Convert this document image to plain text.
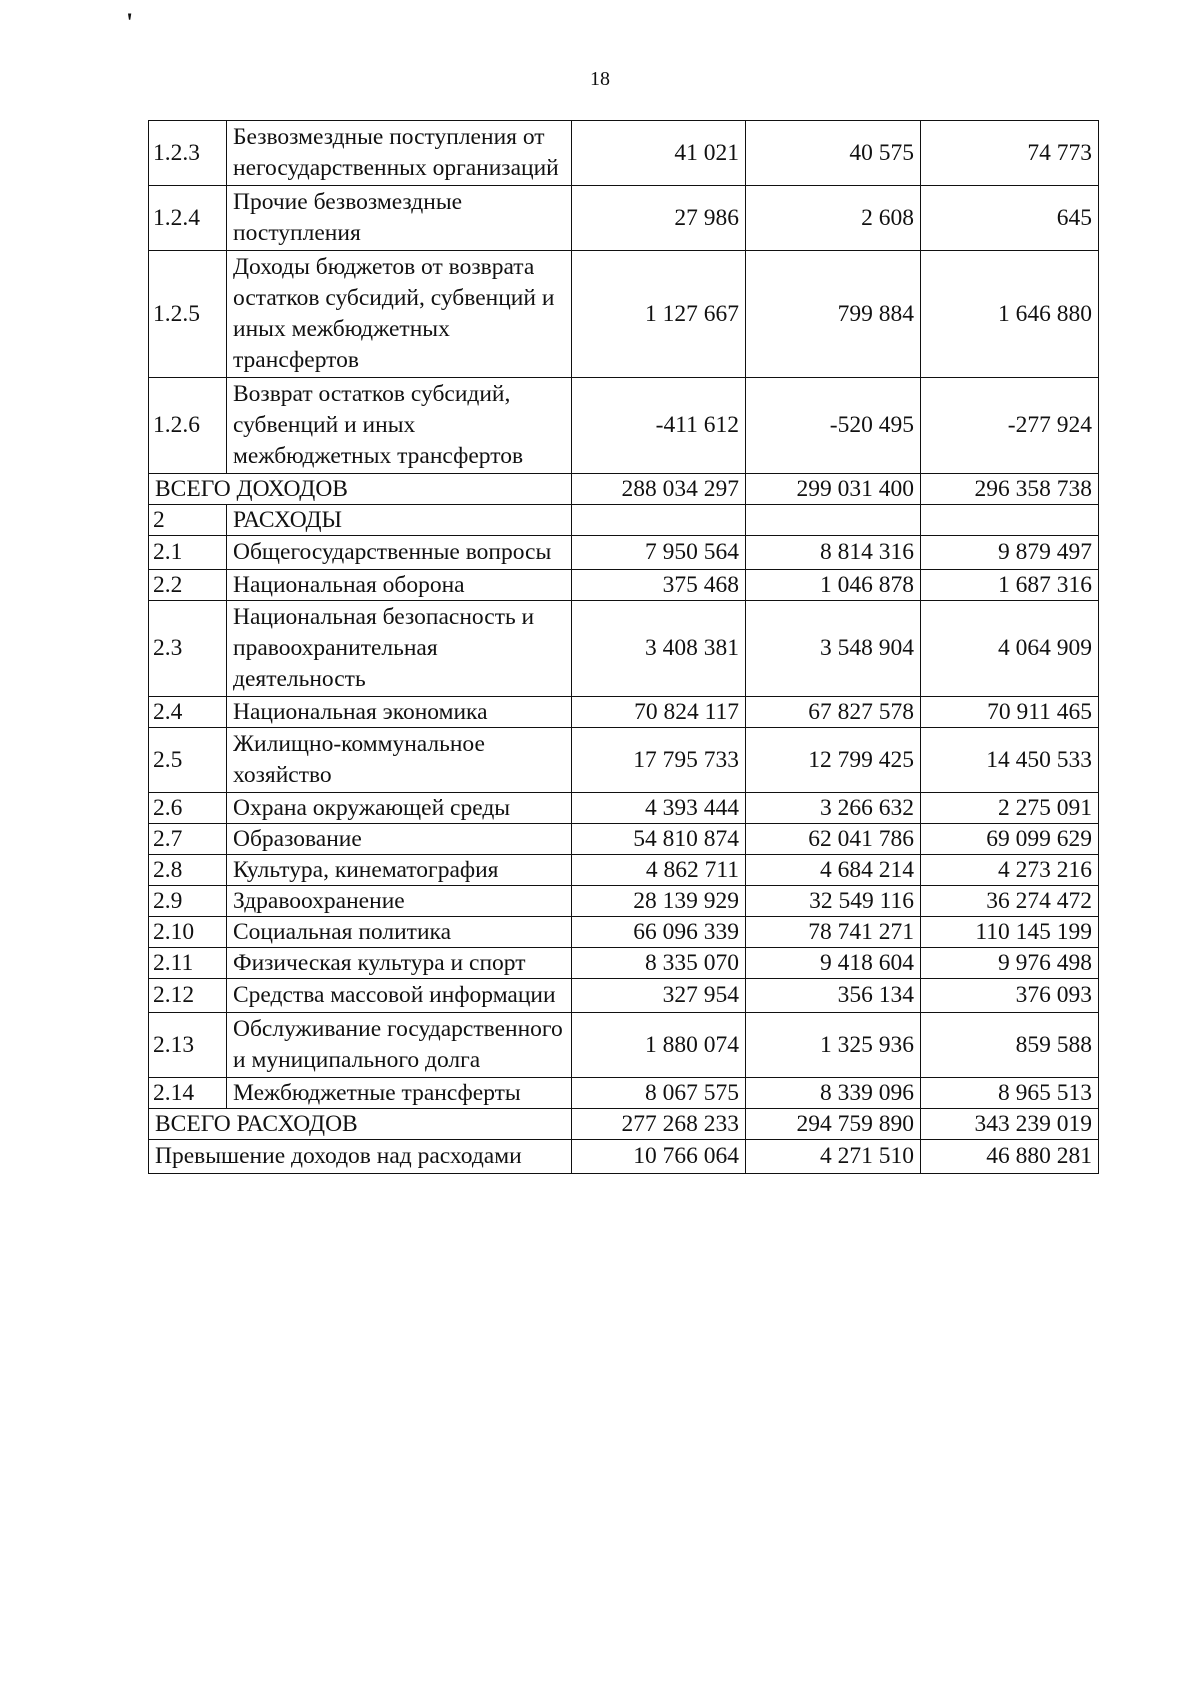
'
18
1.2.3	Безвозмездные поступления от негосударственных организаций	41 021	40 575	74 773
1.2.4	Прочие безвозмездные поступления	27 986	2 608	645
1.2.5	Доходы бюджетов от возврата остатков субсидий, субвенций и иных межбюджетных трансфертов	1 127 667	799 884	1 646 880
1.2.6	Возврат остатков субсидий, субвенций и иных межбюджетных трансфертов	-411 612	-520 495	-277 924
ВСЕГО ДОХОДОВ		288 034 297	299 031 400	296 358 738
2	РАСХОДЫ			
2.1	Общегосударственные вопросы	7 950 564	8 814 316	9 879 497
2.2	Национальная оборона	375 468	1 046 878	1 687 316
2.3	Национальная безопасность и правоохранительная деятельность	3 408 381	3 548 904	4 064 909
2.4	Национальная экономика	70 824 117	67 827 578	70 911 465
2.5	Жилищно-коммунальное хозяйство	17 795 733	12 799 425	14 450 533
2.6	Охрана окружающей среды	4 393 444	3 266 632	2 275 091
2.7	Образование	54 810 874	62 041 786	69 099 629
2.8	Культура, кинематография	4 862 711	4 684 214	4 273 216
2.9	Здравоохранение	28 139 929	32 549 116	36 274 472
2.10	Социальная политика	66 096 339	78 741 271	110 145 199
2.11	Физическая культура и спорт	8 335 070	9 418 604	9 976 498
2.12	Средства массовой информации	327 954	356 134	376 093
2.13	Обслуживание государственного и муниципального долга	1 880 074	1 325 936	859 588
2.14	Межбюджетные трансферты	8 067 575	8 339 096	8 965 513
ВСЕГО РАСХОДОВ		277 268 233	294 759 890	343 239 019
Превышение доходов над расходами		10 766 064	4 271 510	46 880 281
